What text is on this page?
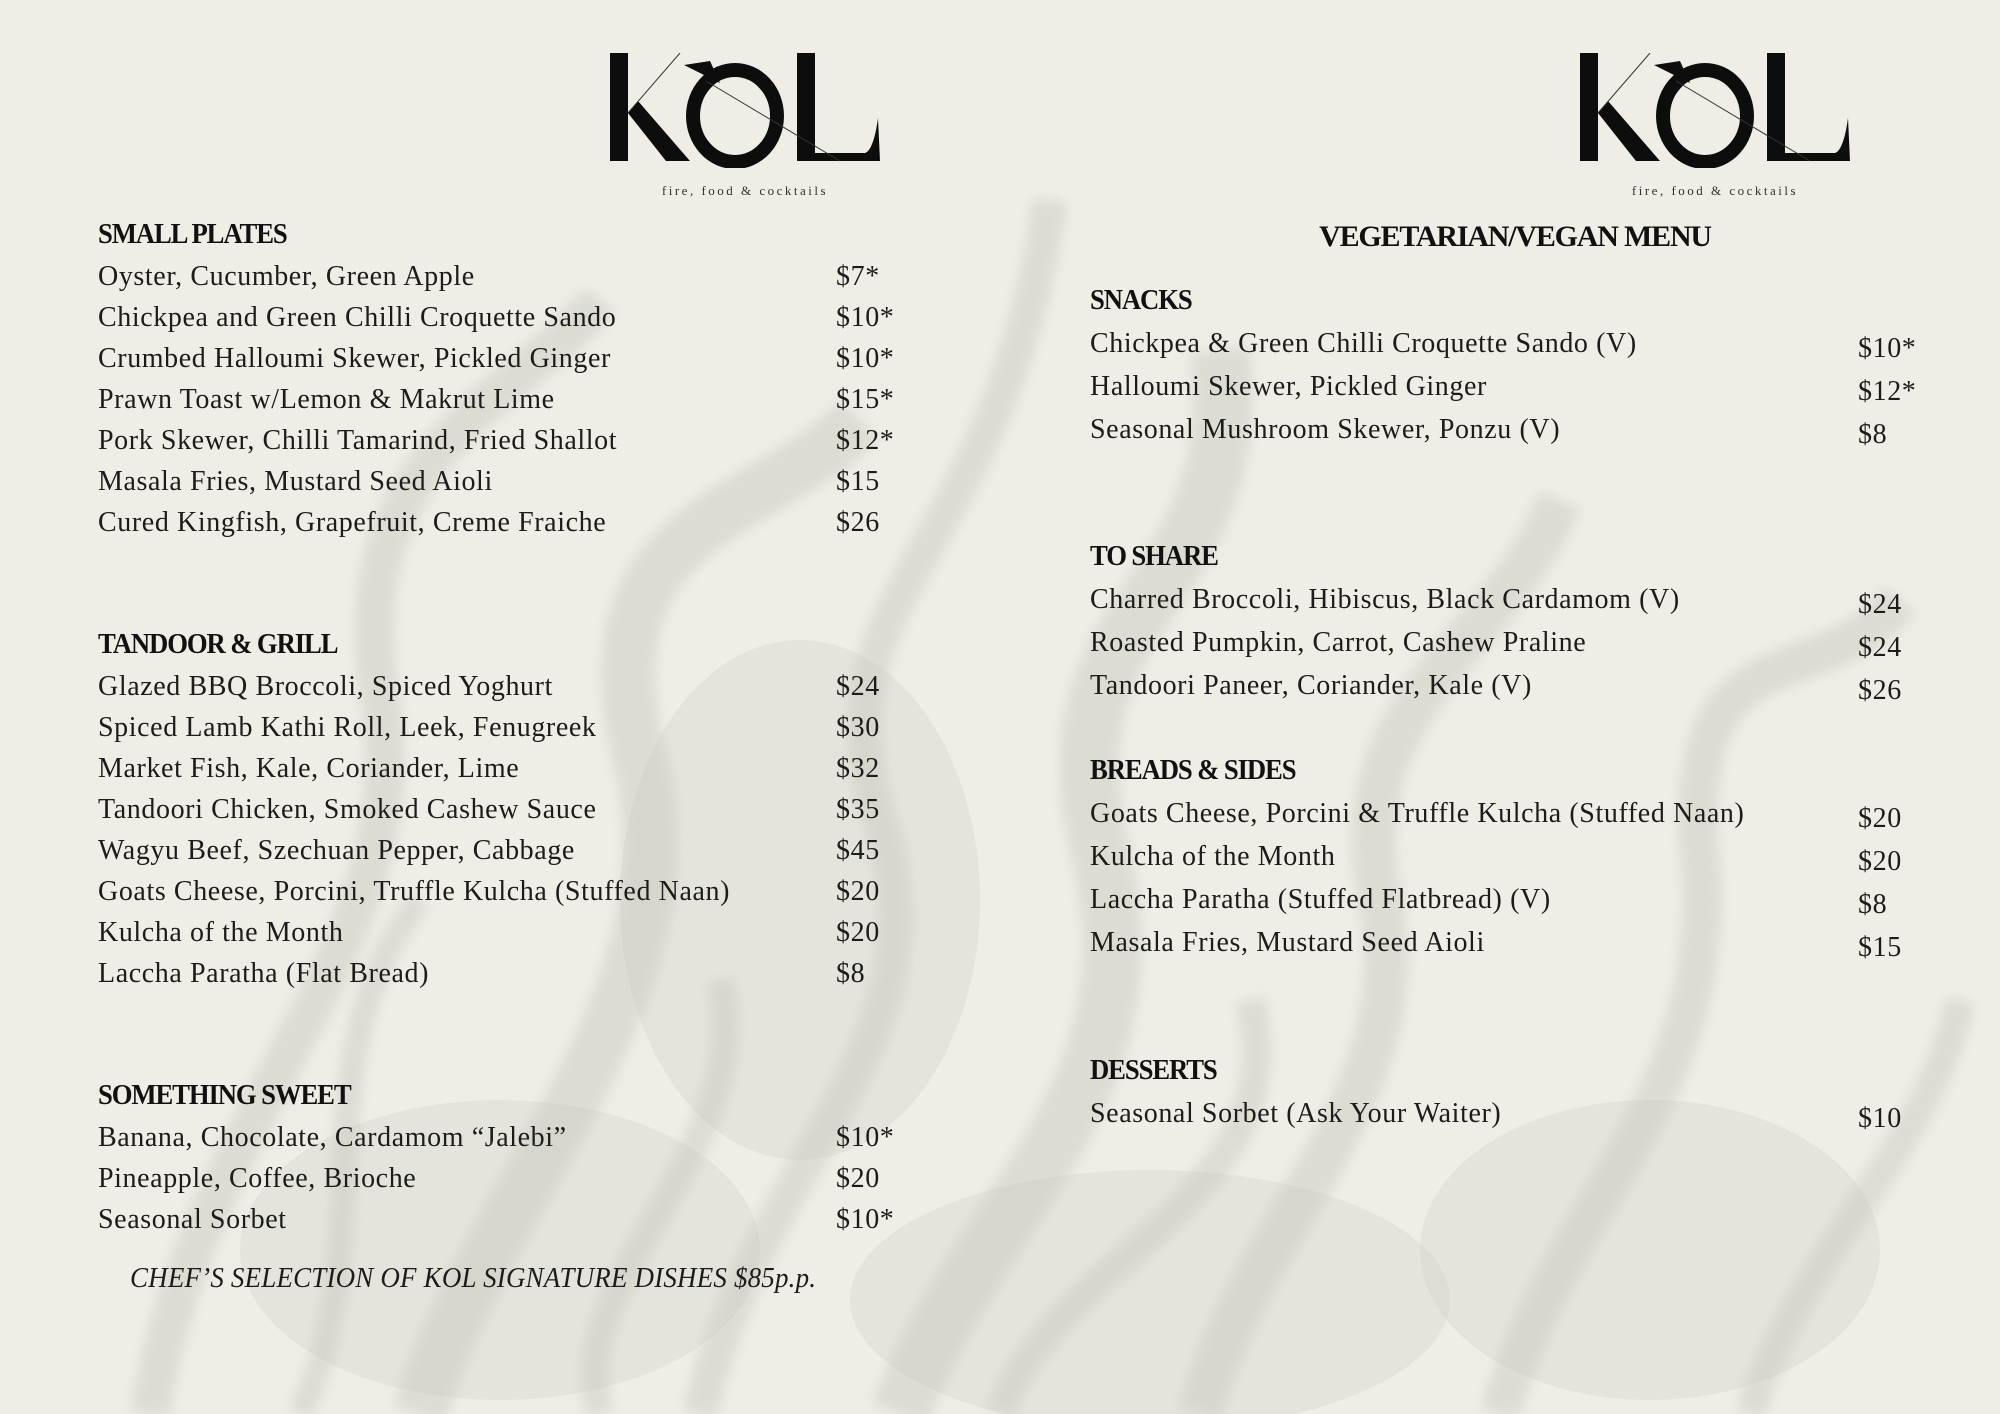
fire, food & cocktails	fire, food & cocktails
SMALL PLATES
Oyster, Cucumber, Green Apple	$7*
Chickpea and Green Chilli Croquette Sando	$10*
Crumbed Halloumi Skewer, Pickled Ginger	$10*
Prawn Toast w/Lemon & Makrut Lime	$15*
Pork Skewer, Chilli Tamarind, Fried Shallot	$12*
Masala Fries, Mustard Seed Aioli	$15
Cured Kingfish, Grapefruit, Creme Fraiche	$26
TANDOOR & GRILL
Glazed BBQ Broccoli, Spiced Yoghurt	$24
Spiced Lamb Kathi Roll, Leek, Fenugreek	$30
Market Fish, Kale, Coriander, Lime	$32
Tandoori Chicken, Smoked Cashew Sauce	$35
Wagyu Beef, Szechuan Pepper, Cabbage	$45
Goats Cheese, Porcini, Truffle Kulcha (Stuffed Naan)	$20
Kulcha of the Month	$20
Laccha Paratha (Flat Bread)	$8
SOMETHING SWEET
Banana, Chocolate, Cardamom “Jalebi”	$10*
Pineapple, Coffee, Brioche	$20
Seasonal Sorbet	$10*
CHEF’S SELECTION OF KOL SIGNATURE DISHES $85p.p.
VEGETARIAN/VEGAN MENU
SNACKS
Chickpea & Green Chilli Croquette Sando (V)	$10*
Halloumi Skewer, Pickled Ginger	$12*
Seasonal Mushroom Skewer, Ponzu (V)	$8
TO SHARE
Charred Broccoli, Hibiscus, Black Cardamom (V)	$24
Roasted Pumpkin, Carrot, Cashew Praline	$24
Tandoori Paneer, Coriander, Kale (V)	$26
BREADS & SIDES
Goats Cheese, Porcini & Truffle Kulcha (Stuffed Naan)	$20
Kulcha of the Month	$20
Laccha Paratha (Stuffed Flatbread) (V)	$8
Masala Fries, Mustard Seed Aioli	$15
DESSERTS
Seasonal Sorbet (Ask Your Waiter)	$10
